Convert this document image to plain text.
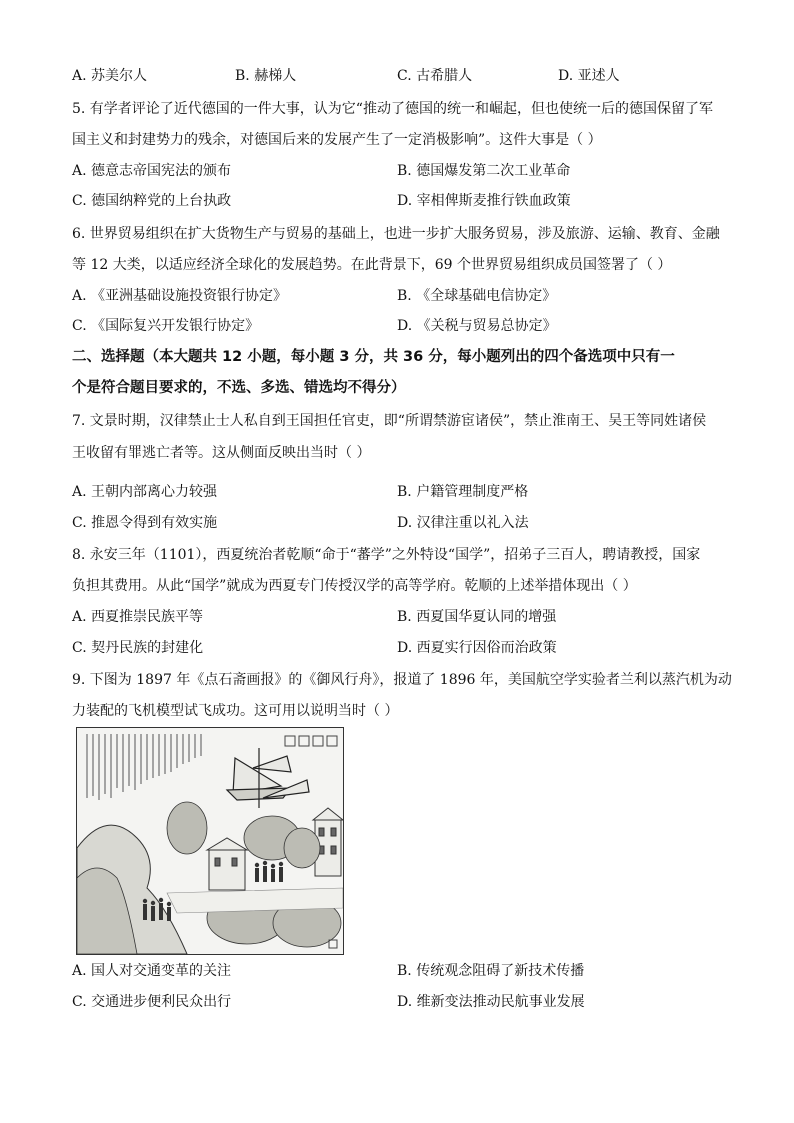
A. 苏美尔人	B. 赫梯人	C. 古希腊人	D. 亚述人
5. 有学者评论了近代德国的一件大事，认为它“推动了德国的统一和崛起，但也使统一后的德国保留了军
国主义和封建势力的残余，对德国后来的发展产生了一定消极影响”。这件大事是（ ）
A. 德意志帝国宪法的颁布	B. 德国爆发第二次工业革命
C. 德国纳粹党的上台执政	D. 宰相俾斯麦推行铁血政策
6. 世界贸易组织在扩大货物生产与贸易的基础上，也进一步扩大服务贸易，涉及旅游、运输、教育、金融
等 12 大类，以适应经济全球化的发展趋势。在此背景下，69 个世界贸易组织成员国签署了（ ）
A. 《亚洲基础设施投资银行协定》	B. 《全球基础电信协定》
C. 《国际复兴开发银行协定》	D. 《关税与贸易总协定》
二、选择题（本大题共 12 小题，每小题 3 分，共 36 分，每小题列出的四个备选项中只有一
个是符合题目要求的，不选、多选、错选均不得分）
7. 文景时期，汉律禁止士人私自到王国担任官吏，即“所谓禁游宦诸侯”，禁止淮南王、吴王等同姓诸侯
王收留有罪逃亡者等。这从侧面反映出当时（ ）
A. 王朝内部离心力较强	B. 户籍管理制度严格
C. 推恩令得到有效实施	D. 汉律注重以礼入法
8. 永安三年（1101），西夏统治者乾顺“命于“蕃学”之外特设“国学”，招弟子三百人，聘请教授，国家
负担其费用。从此“国学”就成为西夏专门传授汉学的高等学府。乾顺的上述举措体现出（ ）
A. 西夏推崇民族平等	B. 西夏国华夏认同的增强
C. 契丹民族的封建化	D. 西夏实行因俗而治政策
9. 下图为 1897 年《点石斋画报》的《御风行舟》，报道了 1896 年，美国航空学实验者兰利以蒸汽机为动
力装配的飞机模型试飞成功。这可用以说明当时（ ）
A. 国人对交通变革的关注	B. 传统观念阻碍了新技术传播
C. 交通进步便利民众出行	D. 维新变法推动民航事业发展
